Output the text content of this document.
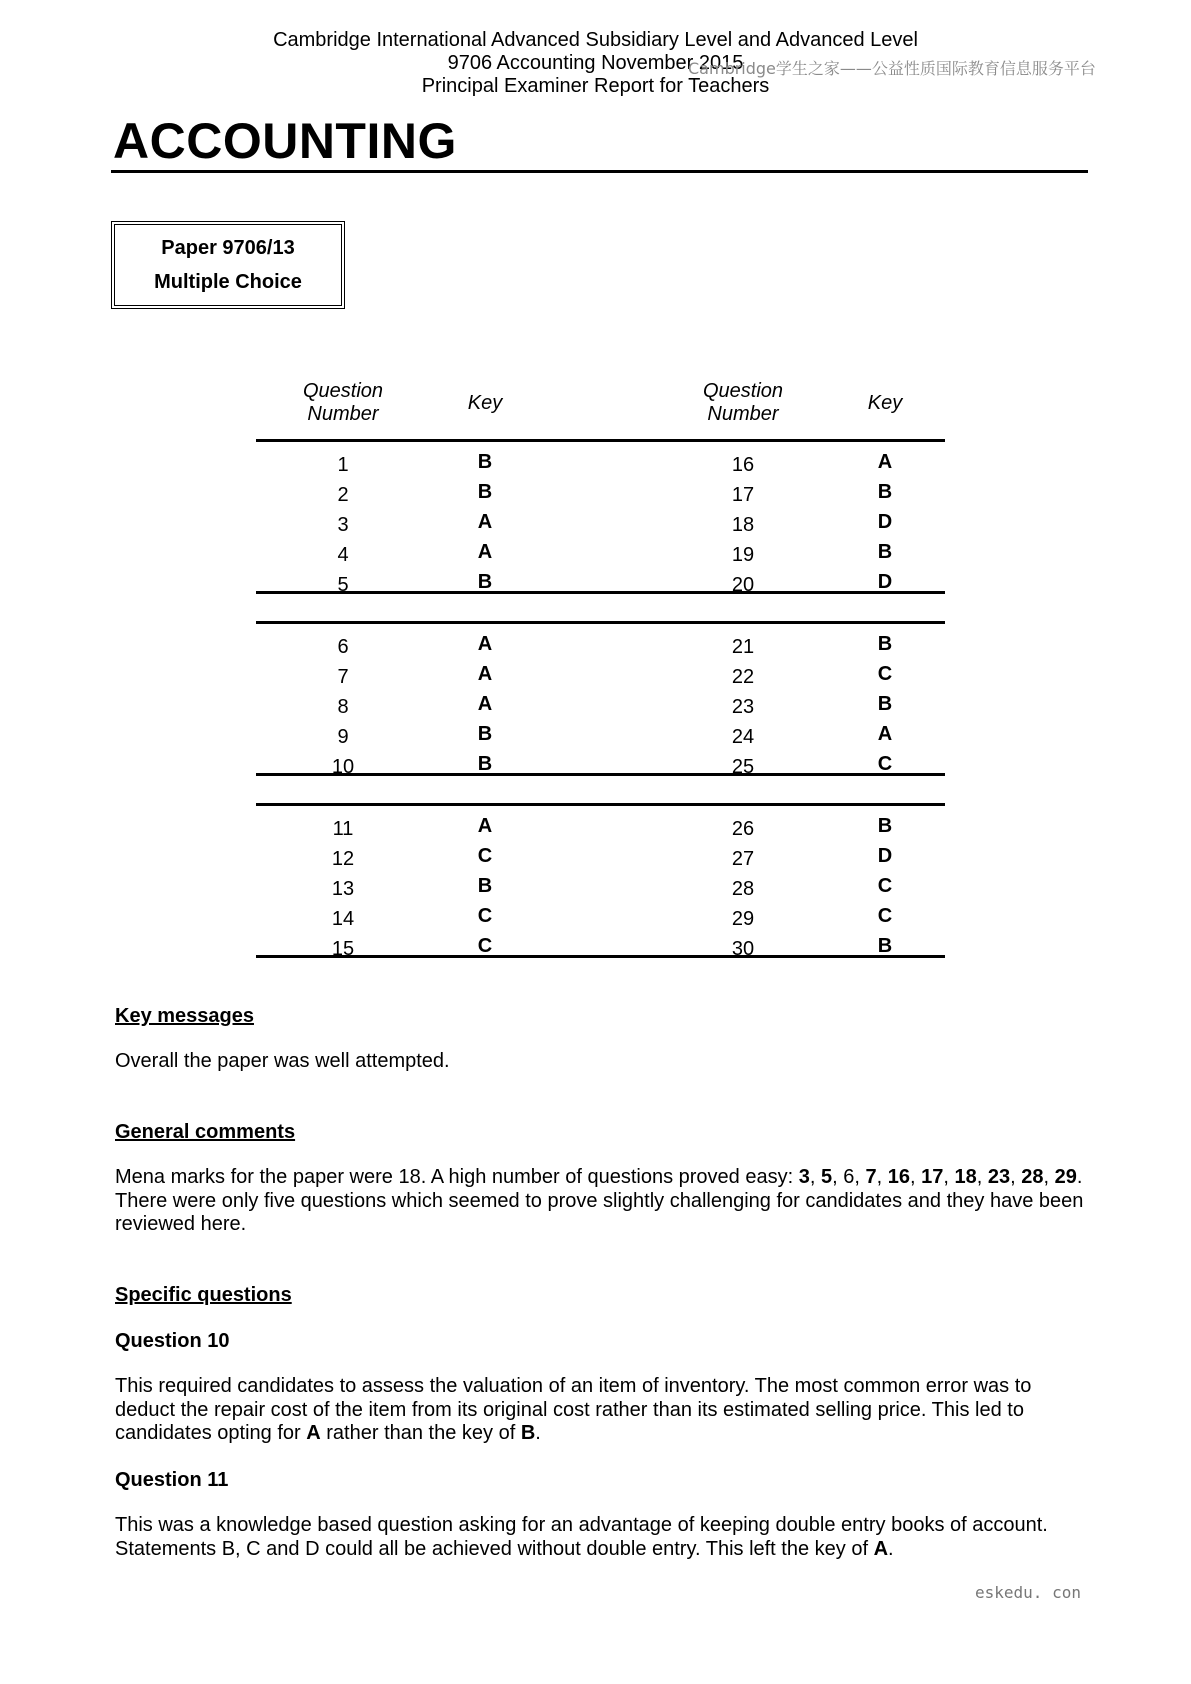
Cambridge International Advanced Subsidiary Level and Advanced Level
9706 Accounting November 2015
Principal Examiner Report for Teachers
Cambridge学生之家——公益性质国际教育信息服务平台
ACCOUNTING
Paper 9706/13
Multiple Choice
Question Number	Key
Question Number	Key
1	B
2	B
3	A
4	A
5	B
6	A
7	A
8	A
9	B
10	B
11	A
12	C
13	B
14	C
15	C
16	A
17	B
18	D
19	B
20	D
21	B
22	C
23	B
24	A
25	C
26	B
27	D
28	C
29	C
30	B
Key messages
Overall the paper was well attempted.
General comments
Mena marks for the paper were 18. A high number of questions proved easy: 3, 5, 6, 7, 16, 17, 18, 23, 28, 29. There were only five questions which seemed to prove slightly challenging for candidates and they have been reviewed here.
Specific questions
Question 10
This required candidates to assess the valuation of an item of inventory. The most common error was to deduct the repair cost of the item from its original cost rather than its estimated selling price. This led to candidates opting for A rather than the key of B.
Question 11
This was a knowledge based question asking for an advantage of keeping double entry books of account. Statements B, C and D could all be achieved without double entry. This left the key of A.
eskedu. con
